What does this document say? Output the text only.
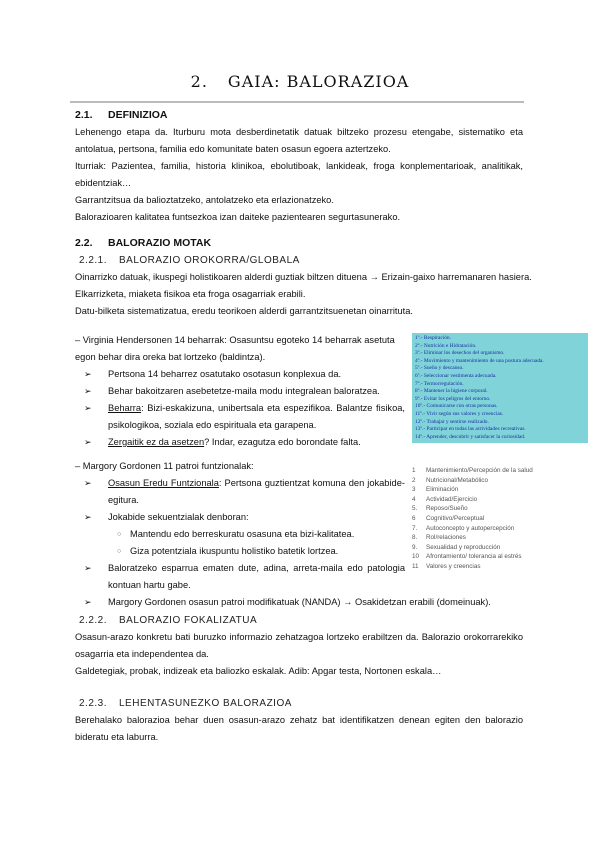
2. GAIA: BALORAZIOA
2.1. DEFINIZIOA

Lehenengo etapa da. Iturburu mota desberdinetatik datuak biltzeko prozesu etengabe, sistematiko eta antolatua, pertsona, familia edo komunitate baten osasun egoera aztertzeko.

Iturriak: Pazientea, familia, historia klinikoa, ebolutiboak, lankideak, froga konplementarioak, analitikak, ebidentziak…

Garrantzitsua da balioztatzeko, antolatzeko eta erlazionatzeko.

Balorazioaren kalitatea funtsezkoa izan daiteke pazientearen segurtasunerako.

2.2. BALORAZIO MOTAK
2.2.1. BALORAZIO OROKORRA/GLOBALA

Oinarrizko datuak, ikuspegi holistikoaren alderdi guztiak biltzen dituena → Erizain-gaixo harremanaren hasiera.

Elkarrizketa, miaketa fisikoa eta froga osagarriak erabili.

Datu-bilketa sistematizatua, eredu teorikoen alderdi garrantzitsuenetan oinarrituta.

– Virginia Hendersonen 14 beharrak: Osasuntsu egoteko 14 beharrak asetuta egon behar dira oreka bat lortzeko (baldintza).

➢ Pertsona 14 beharrez osatutako osotasun konplexua da.
➢ Behar bakoitzaren asebetetze-maila modu integralean baloratzea.
➢ Beharra: Bizi-eskakizuna, unibertsala eta espezifikoa. Balantze fisikoa, psikologikoa, soziala edo espirituala eta garapena.
➢ Zergaitik ez da asetzen? Indar, ezagutza edo borondate falta.
1º.- Respiración.
2º.- Nutrición e Hidratación.
3º.- Eliminar los desechos del organismo.
4º.- Movimiento y mantenimiento de una postura adecuada.
5º.- Sueño y descanso.
6º.- Seleccionar vestimenta adecuada.
7º.- Termorregulación.
8º.- Mantener la higiene corporal.
9º.- Evitar los peligros del entorno.
10º.- Comunicarse con otras personas.
11º.- Vivir según sus valores y creencias.
12º.- Trabajar y sentirse realizado.
13º.- Participar en todas las actividades recreativas.
14º.- Aprender, descubrir y satisfacer la curiosidad.

– Margory Gordonen 11 patroi funtzionalak:

➢ Osasun Eredu Funtzionala: Pertsona guztientzat komuna den jokabide-egitura.
➢ Jokabide sekuentzialak denboran:
○ Mantendu edo berreskuratu osasuna eta bizi-kalitatea.
○ Giza potentziala ikuspuntu holistiko batetik lortzea.
➢ Baloratzeko esparrua ematen dute, adina, arreta-maila edo patologia kontuan hartu gabe.
➢ Margory Gordonen osasun patroi modifikatuak (NANDA) → Osakidetzan erabili (domeinuak).
1 Mantenimiento/Percepción de la salud
2 Nutricional/Metabólico
3 Eliminación
4 Actividad/Ejercicio
5. Reposo/Sueño
6 Cognitivo/Perceptual
7. Autoconcepto y autopercepción
8. Rol/relaciones
9. Sexualidad y reproducción
10 Afrontamiento/ tolerancia al estrés
11 Valores y creencias
2.2.2. BALORAZIO FOKALIZATUA

Osasun-arazo konkretu bati buruzko informazio zehatzagoa lortzeko erabiltzen da. Balorazio orokorrarekiko osagarria eta independentea da.

Galdetegiak, probak, indizeak eta baliozko eskalak. Adib: Apgar testa, Nortonen eskala…

2.2.3. LEHENTASUNEZKO BALORAZIOA

Berehalako balorazioa behar duen osasun-arazo zehatz bat identifikatzen denean egiten den balorazio bideratu eta laburra.
